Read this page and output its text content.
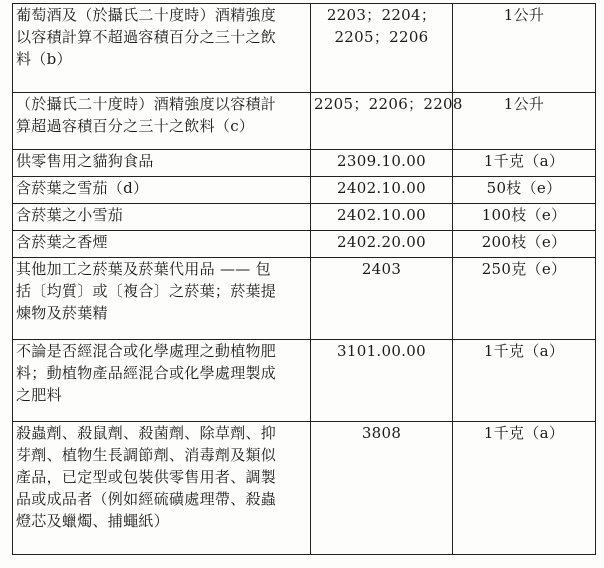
葡萄酒及（於攝氏二十度時）酒精強度
以容積計算不超過容積百分之三十之飲
料（b）	2203；2204；
2205；2206	1公升

（於攝氏二十度時）酒精強度以容積計
算超過容積百分之三十之飲料（c）	2205；2206；2208	1公升

供零售用之貓狗食品	2309.10.00	1千克（a）

含菸葉之雪茄（d）	2402.10.00	50枝（e）

含菸葉之小雪茄	2402.10.00	100枝（e）

含菸葉之香煙	2402.20.00	200枝（e）

其他加工之菸葉及菸葉代用品 —— 包
括〔均質〕或〔複合〕之菸葉；菸葉提
煉物及菸葉精	2403	250克（e）

不論是否經混合或化學處理之動植物肥
料；動植物產品經混合或化學處理製成
之肥料	3101.00.00	1千克（a）

殺蟲劑、殺鼠劑、殺菌劑、除草劑、抑
芽劑、植物生長調節劑、消毒劑及類似
產品，已定型或包裝供零售用者、調製
品或成品者（例如經硫磺處理帶、殺蟲
燈芯及蠟燭、捕蠅紙）	3808	1千克（a）
